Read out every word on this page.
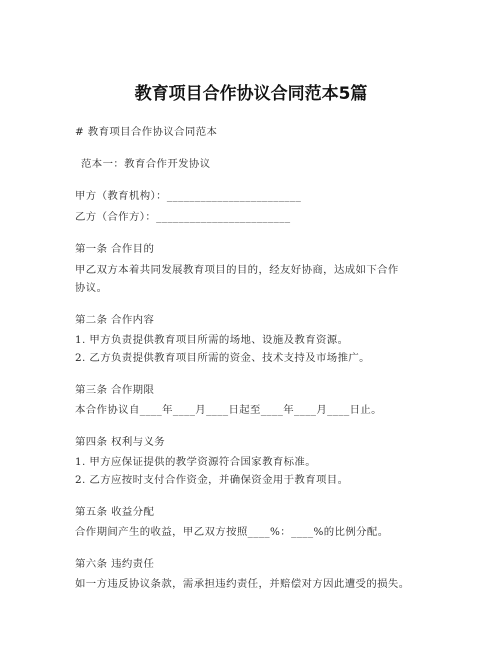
教育项目合作协议合同范本5篇

# 教育项目合作协议合同范本

范本一：教育合作开发协议

甲方（教育机构）：________________________

乙方（合作方）：________________________

第一条 合作目的

甲乙双方本着共同发展教育项目的目的，经友好协商，达成如下合作

协议。

第二条 合作内容

1. 甲方负责提供教育项目所需的场地、设施及教育资源。

2. 乙方负责提供教育项目所需的资金、技术支持及市场推广。

第三条 合作期限

本合作协议自____年____月____日起至____年____月____日止。

第四条 权利与义务

1. 甲方应保证提供的教学资源符合国家教育标准。

2. 乙方应按时支付合作资金，并确保资金用于教育项目。

第五条 收益分配

合作期间产生的收益，甲乙双方按照____%：____%的比例分配。

第六条 违约责任

如一方违反协议条款，需承担违约责任，并赔偿对方因此遭受的损失。
